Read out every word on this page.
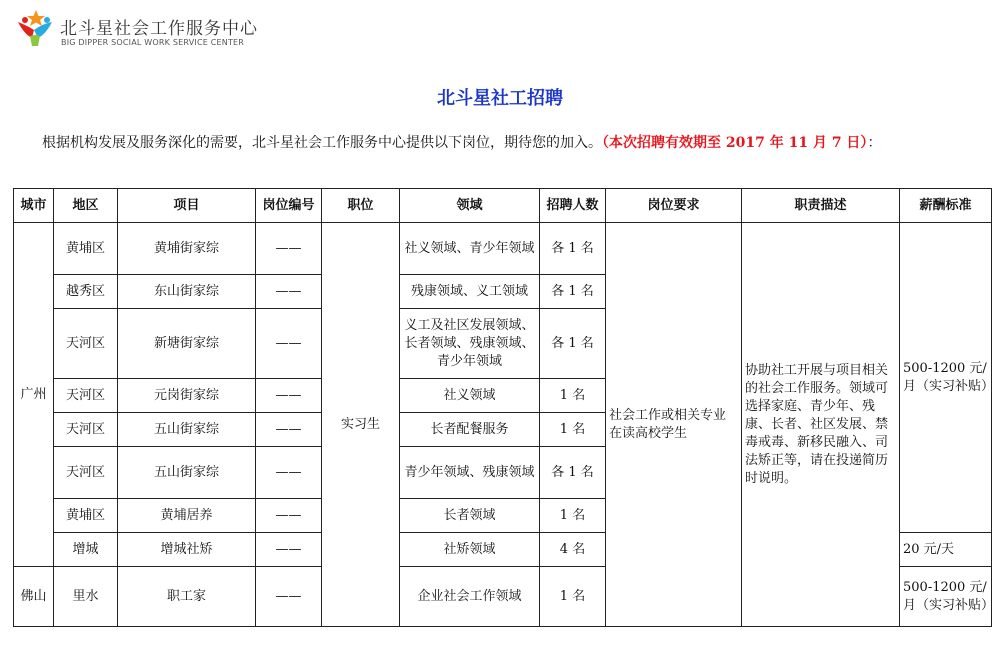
北斗星社会工作服务中心
BIG DIPPER SOCIAL WORK SERVICE CENTER
北斗星社工招聘
根据机构发展及服务深化的需要，北斗星社会工作服务中心提供以下岗位，期待您的加入。（本次招聘有效期至 2017 年 11 月 7 日）：
城市	地区	项目	岗位编号	职位	领域	招聘人数	岗位要求	职责描述	薪酬标准
广州	黄埔区	黄埔街家综	——	实习生	社义领域、青少年领域	各 1 名	社会工作或相关专业在读高校学生	协助社工开展与项目相关的社会工作服务。领域可选择家庭、青少年、残康、长者、社区发展、禁毒戒毒、新移民融入、司法矫正等，请在投递简历时说明。	500-1200 元/月（实习补贴）
	越秀区	东山街家综	——		残康领域、义工领域	各 1 名			
	天河区	新塘街家综	——		义工及社区发展领域、长者领域、残康领域、青少年领域	各 1 名			
	天河区	元岗街家综	——		社义领域	1 名			
	天河区	五山街家综	——		长者配餐服务	1 名			
	天河区	五山街家综	——		青少年领域、残康领域	各 1 名			
	黄埔区	黄埔居养	——		长者领域	1 名			
	增城	增城社矫	——		社矫领域	4 名			20 元/天
佛山	里水	职工家	——		企业社会工作领域	1 名			500-1200 元/月（实习补贴）
